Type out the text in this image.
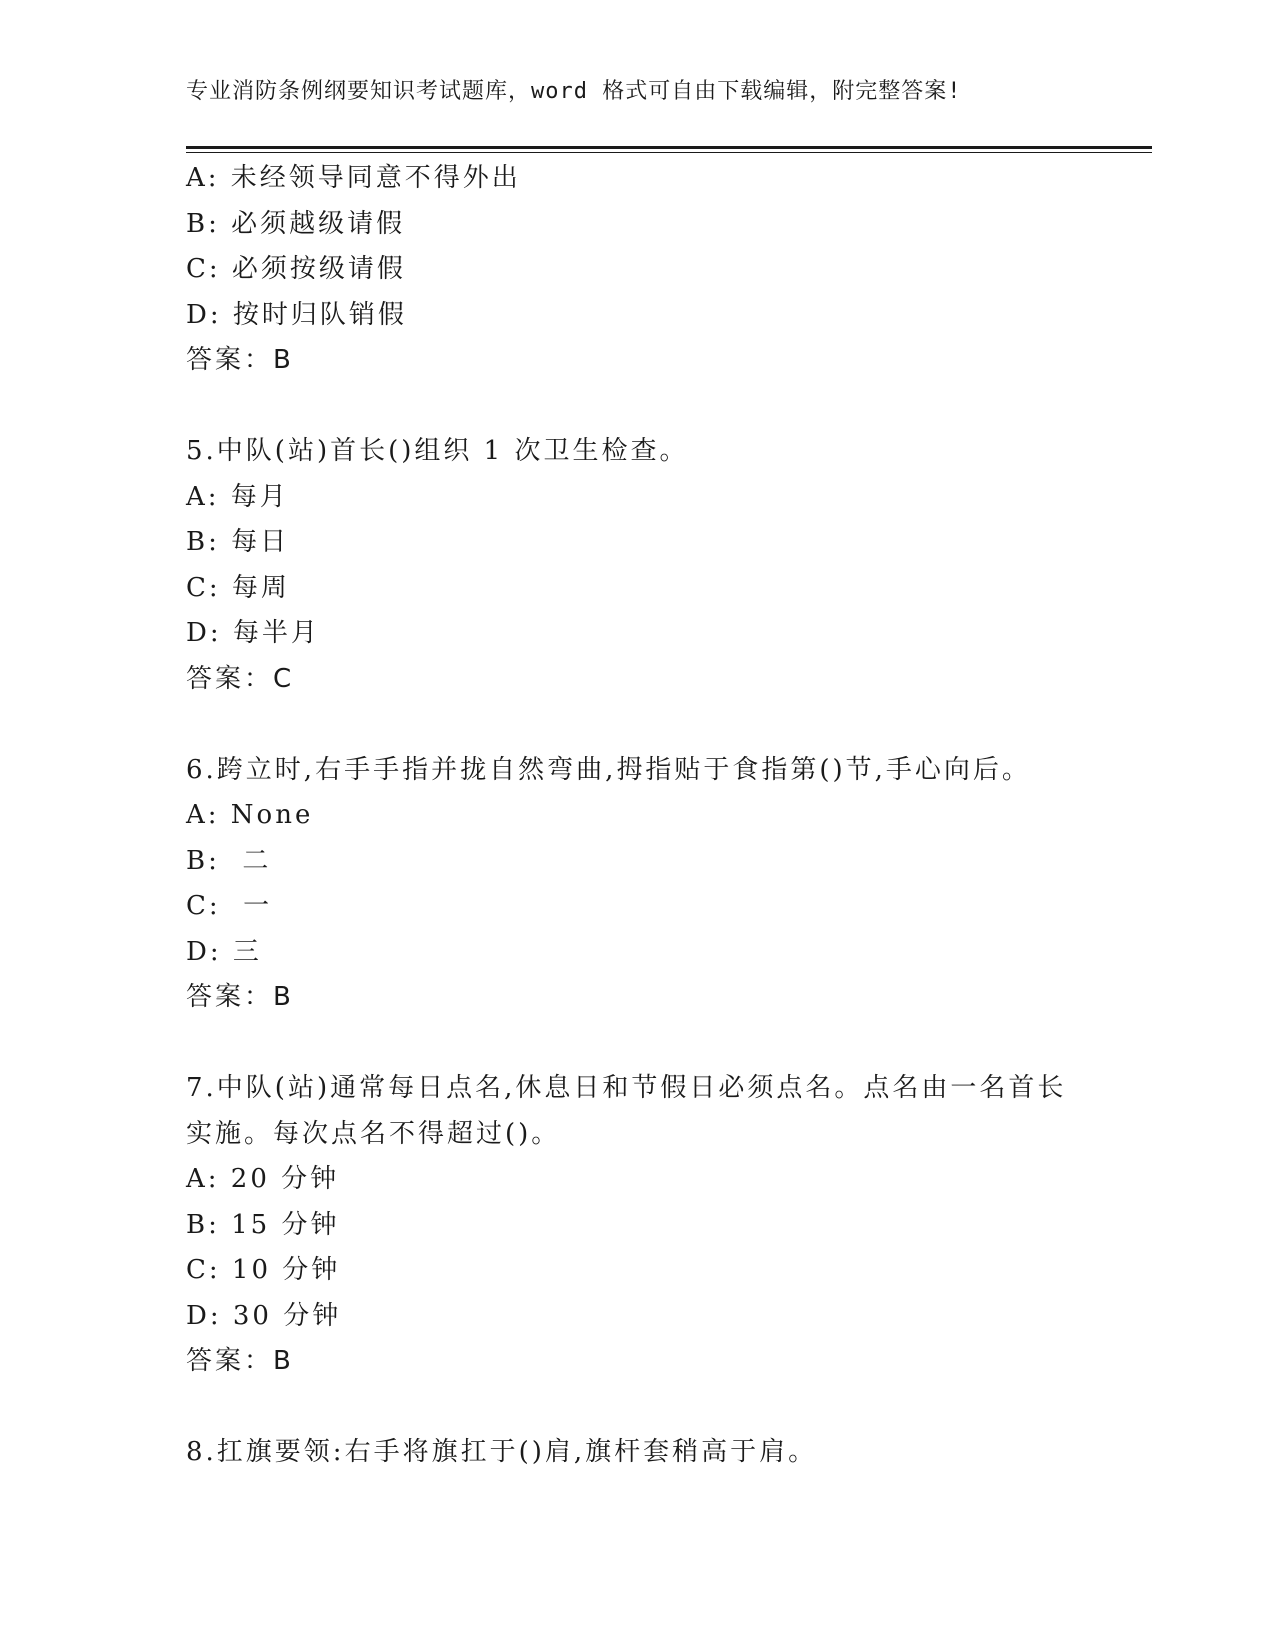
专业消防条例纲要知识考试题库，word 格式可自由下载编辑，附完整答案!
A: 未经领导同意不得外出
B: 必须越级请假
C: 必须按级请假
D: 按时归队销假
答案：B
5.中队(站)首长()组织 1 次卫生检查。
A: 每月
B: 每日
C: 每周
D: 每半月
答案：C
6.跨立时,右手手指并拢自然弯曲,拇指贴于食指第()节,手心向后。
A: None
B:  二
C:  一
D: 三
答案：B
7.中队(站)通常每日点名,休息日和节假日必须点名。点名由一名首长
实施。每次点名不得超过()。
A: 20 分钟
B: 15 分钟
C: 10 分钟
D: 30 分钟
答案：B
8.扛旗要领:右手将旗扛于()肩,旗杆套稍高于肩。
